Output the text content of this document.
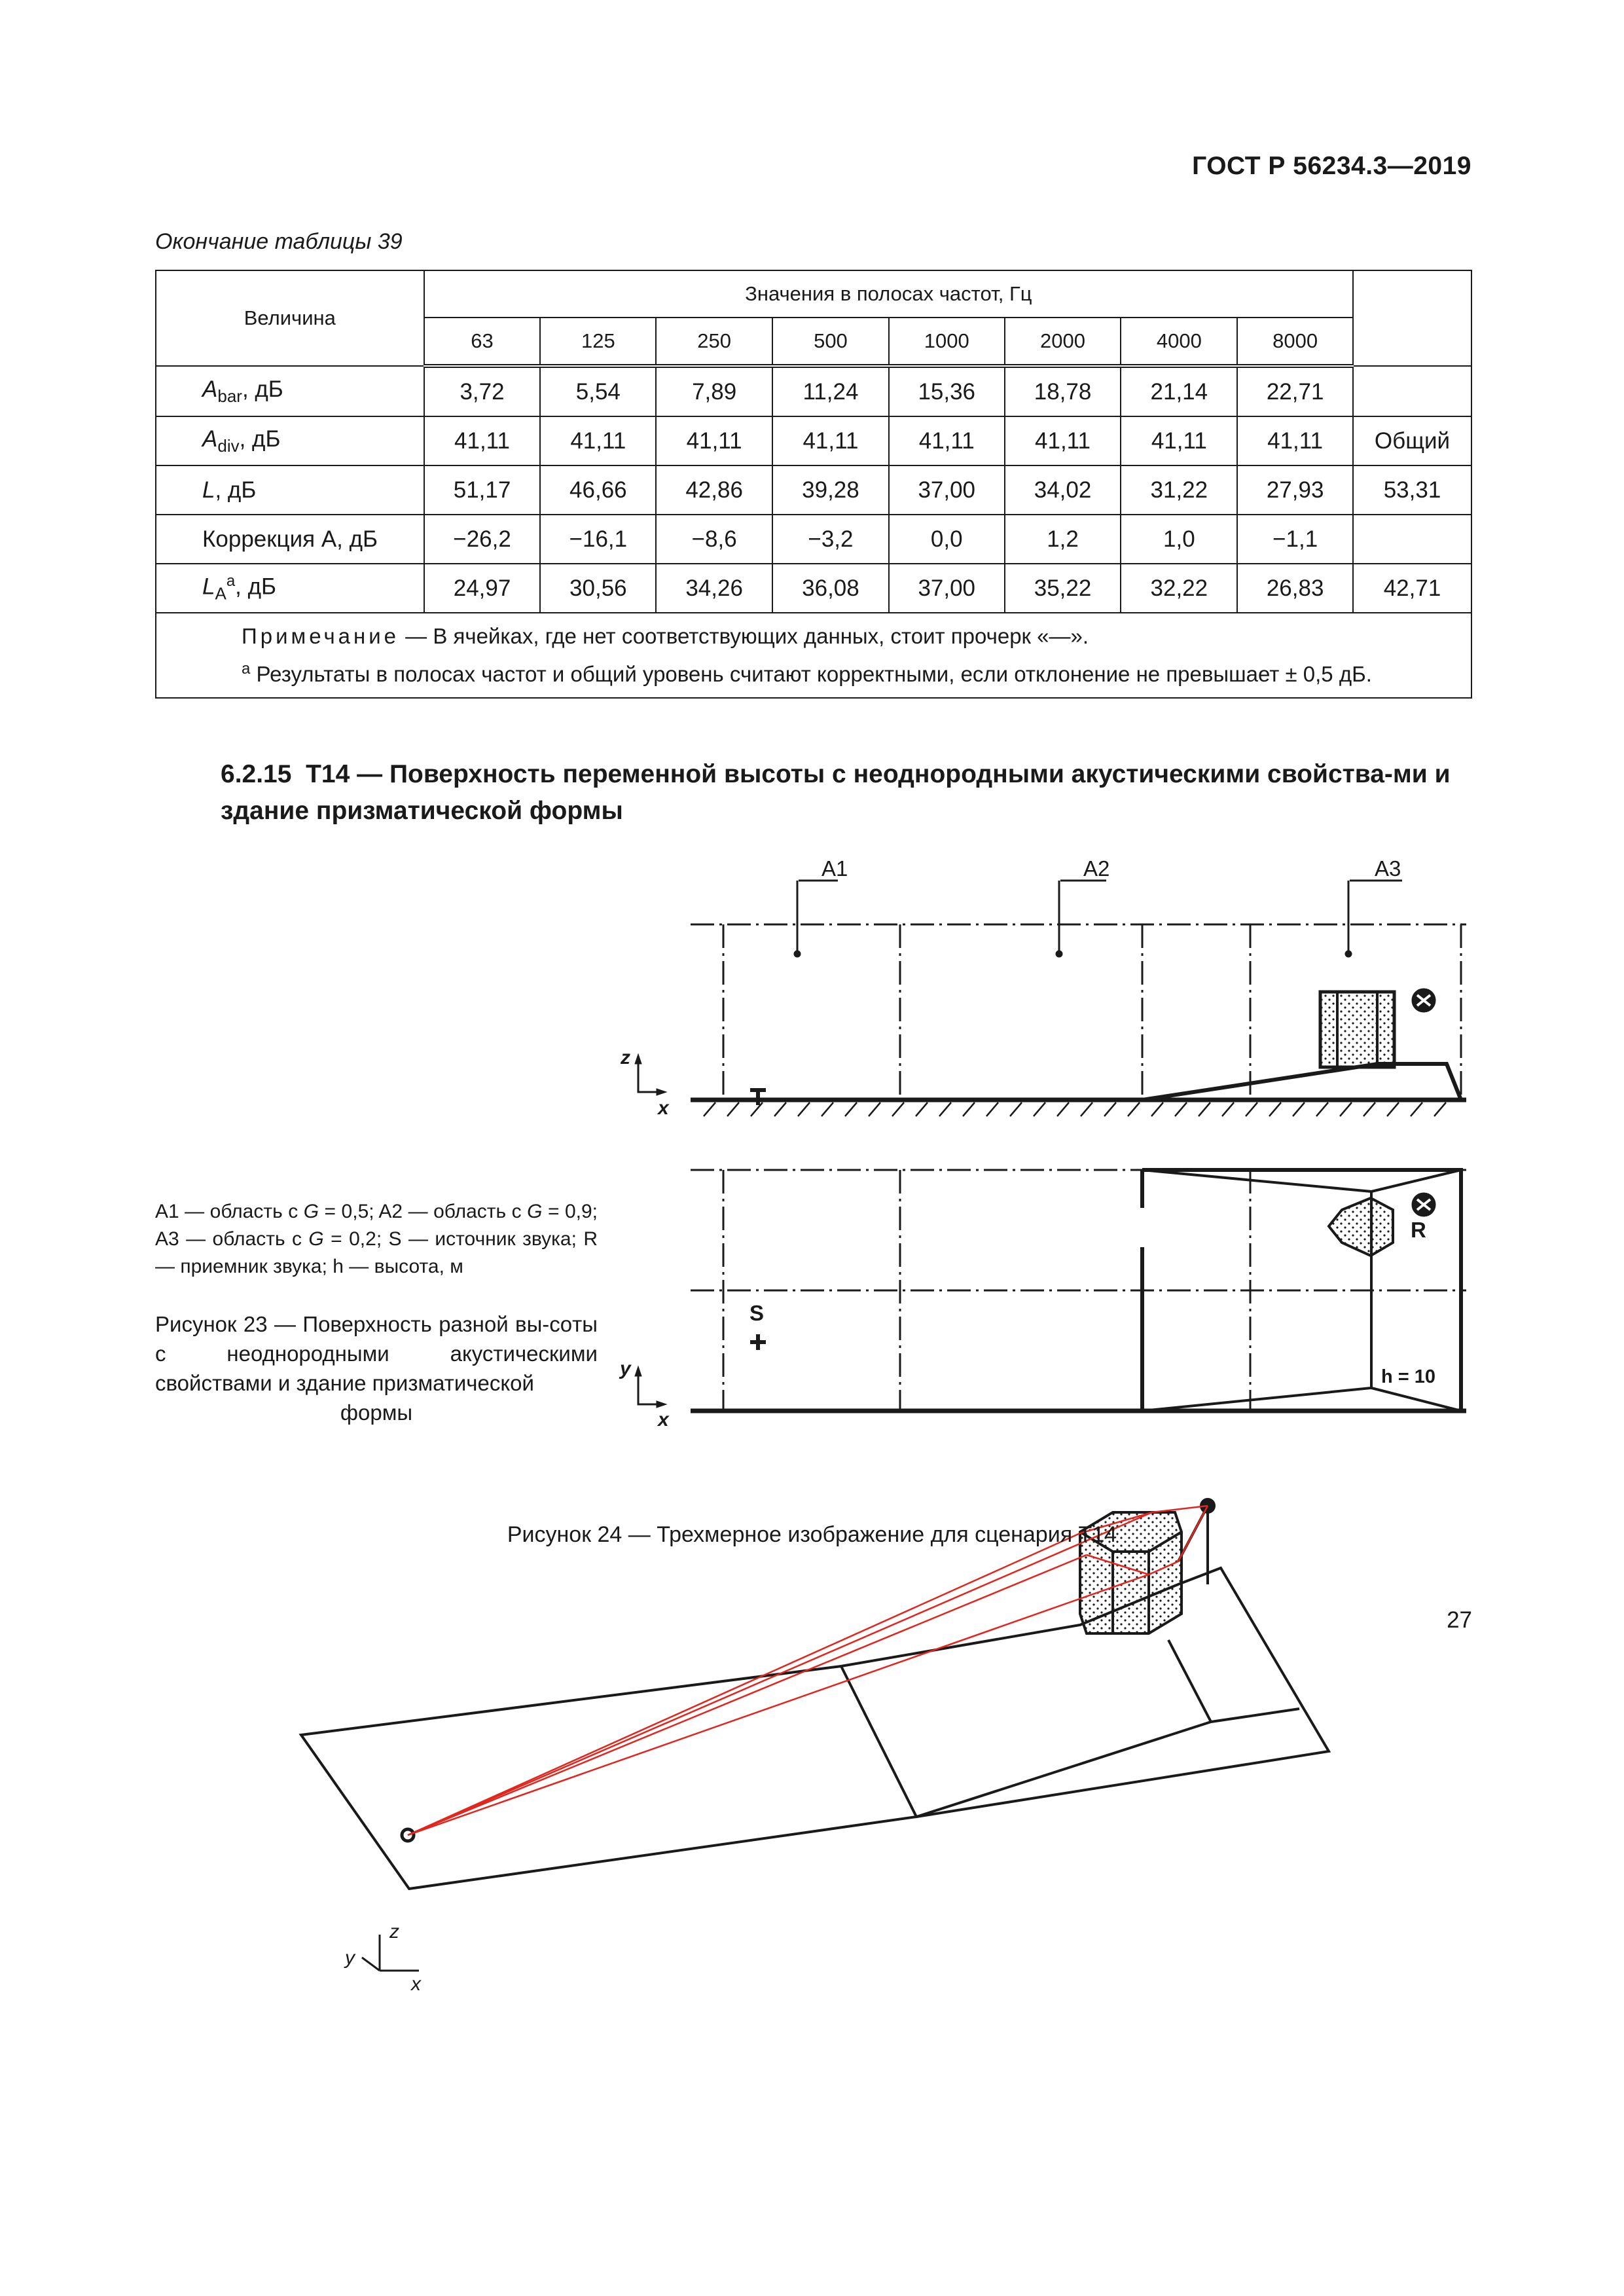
ГОСТ Р 56234.3—2019
Окончание таблицы 39
Величина	Значения в полосах частот, Гц								
	63	125	250	500	1000	2000	4000	8000	
$A_{bar}$, дБ	3,72	5,54	7,89	11,24	15,36	18,78	21,14	22,71	
$A_{div}$, дБ	41,11	41,11	41,11	41,11	41,11	41,11	41,11	41,11	Общий
L, дБ	51,17	46,66	42,86	39,28	37,00	34,02	31,22	27,93	53,31
Коррекция А, дБ	−26,2	−16,1	−8,6	−3,2	0,0	1,2	1,0	−1,1	
$L_A^a$, дБ	24,97	30,56	34,26	36,08	37,00	35,22	32,22	26,83	42,71

Примечание — В ячейках, где нет соответствующих данных, стоит прочерк «—».
$^a$ Результаты в полосах частот и общий уровень считают корректными, если отклонение не превышает ± 0,5 дБ.									
6.2.15 T14 — Поверхность переменной высоты с неоднородными акустическими свойства-ми и здание призматической формы
A1	A2	A3
S
R
h = 10
z
x
y
x
z
y
x
A1 — область с G = 0,5; A2 — область с G = 0,9; A3 — область с G = 0,2; S — источник звука; R — приемник звука; h — высота, м
Рисунок 23 — Поверхность разной вы-сoты с неоднородными акустическими свойствами и здание призматической
формы
Рисунок 24 — Трехмерное изображение для сценария T14
27
